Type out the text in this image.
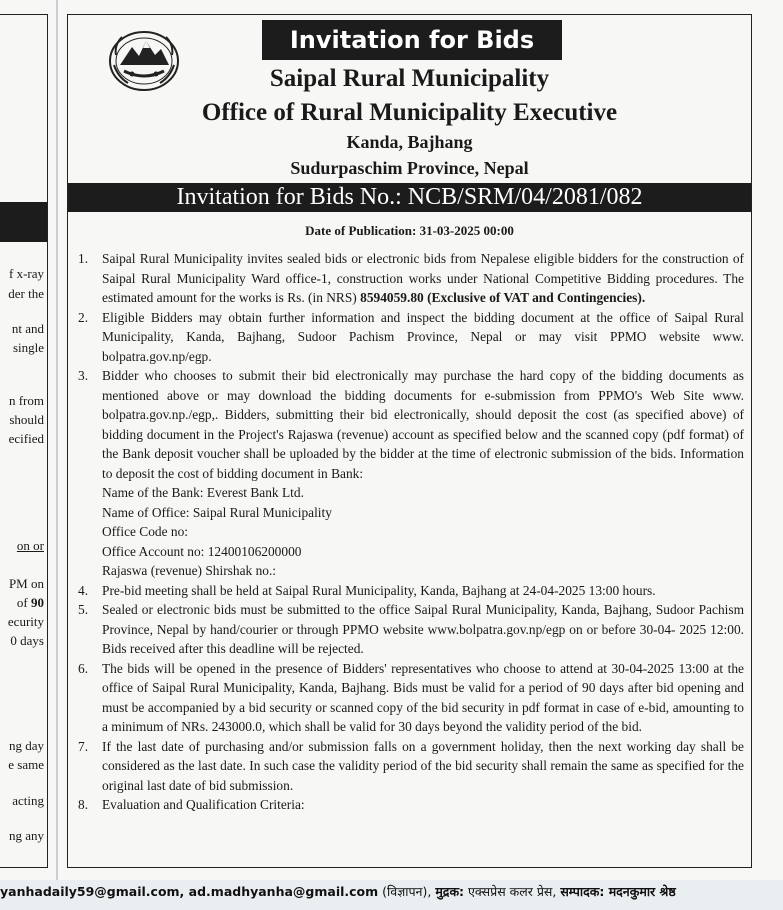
f x-ray
der the
nt and
single
n from
should
ecified
on or
PM on
of 90
ecurity
0 days
ng day
e same
acting
ng any
Invitation for Bids
Saipal Rural Municipality
Office of Rural Municipality Executive
Kanda, Bajhang
Sudurpaschim Province, Nepal
Invitation for Bids No.: NCB/SRM/04/2081/082
Date of Publication: 31-03-2025 00:00
1. Saipal Rural Municipality invites sealed bids or electronic bids from Nepalese eligible bidders for the construction of Saipal Rural Municipality Ward office-1, construction works under National Competitive Bidding procedures. The estimated amount for the works is Rs. (in NRS) 8594059.80 (Exclusive of VAT and Contingencies).
2. Eligible Bidders may obtain further information and inspect the bidding document at the office of Saipal Rural Municipality, Kanda, Bajhang, Sudoor Pachism Province, Nepal or may visit PPMO website www. bolpatra.gov.np/egp.
3. Bidder who chooses to submit their bid electronically may purchase the hard copy of the bidding documents as mentioned above or may download the bidding documents for e-submission from PPMO's Web Site www. bolpatra.gov.np./egp,. Bidders, submitting their bid electronically, should deposit the cost (as specified above) of bidding document in the Project's Rajaswa (revenue) account as specified below and the scanned copy (pdf format) of the Bank deposit voucher shall be uploaded by the bidder at the time of electronic submission of the bids. Information to deposit the cost of bidding document in Bank:
Name of the Bank: Everest Bank Ltd.
Name of Office: Saipal Rural Municipality
Office Code no:
Office Account no: 12400106200000
Rajaswa (revenue) Shirshak no.:
4. Pre-bid meeting shall be held at Saipal Rural Municipality, Kanda, Bajhang at 24-04-2025 13:00 hours.
5. Sealed or electronic bids must be submitted to the office Saipal Rural Municipality, Kanda, Bajhang, Sudoor Pachism Province, Nepal by hand/courier or through PPMO website www.bolpatra.gov.np/egp on or before 30-04- 2025 12:00. Bids received after this deadline will be rejected.
6. The bids will be opened in the presence of Bidders' representatives who choose to attend at 30-04-2025 13:00 at the office of Saipal Rural Municipality, Kanda, Bajhang. Bids must be valid for a period of 90 days after bid opening and must be accompanied by a bid security or scanned copy of the bid security in pdf format in case of e-bid, amounting to a minimum of NRs. 243000.0, which shall be valid for 30 days beyond the validity period of the bid.
7. If the last date of purchasing and/or submission falls on a government holiday, then the next working day shall be considered as the last date. In such case the validity period of the bid security shall remain the same as specified for the original last date of bid submission.
8. Evaluation and Qualification Criteria:
yanhadaily59@gmail.com, ad.madhyanha@gmail.com (विज्ञापन), मुद्रक: एक्सप्रेस कलर प्रेस, सम्पादक: मदनकुमार श्रेष्ठ
